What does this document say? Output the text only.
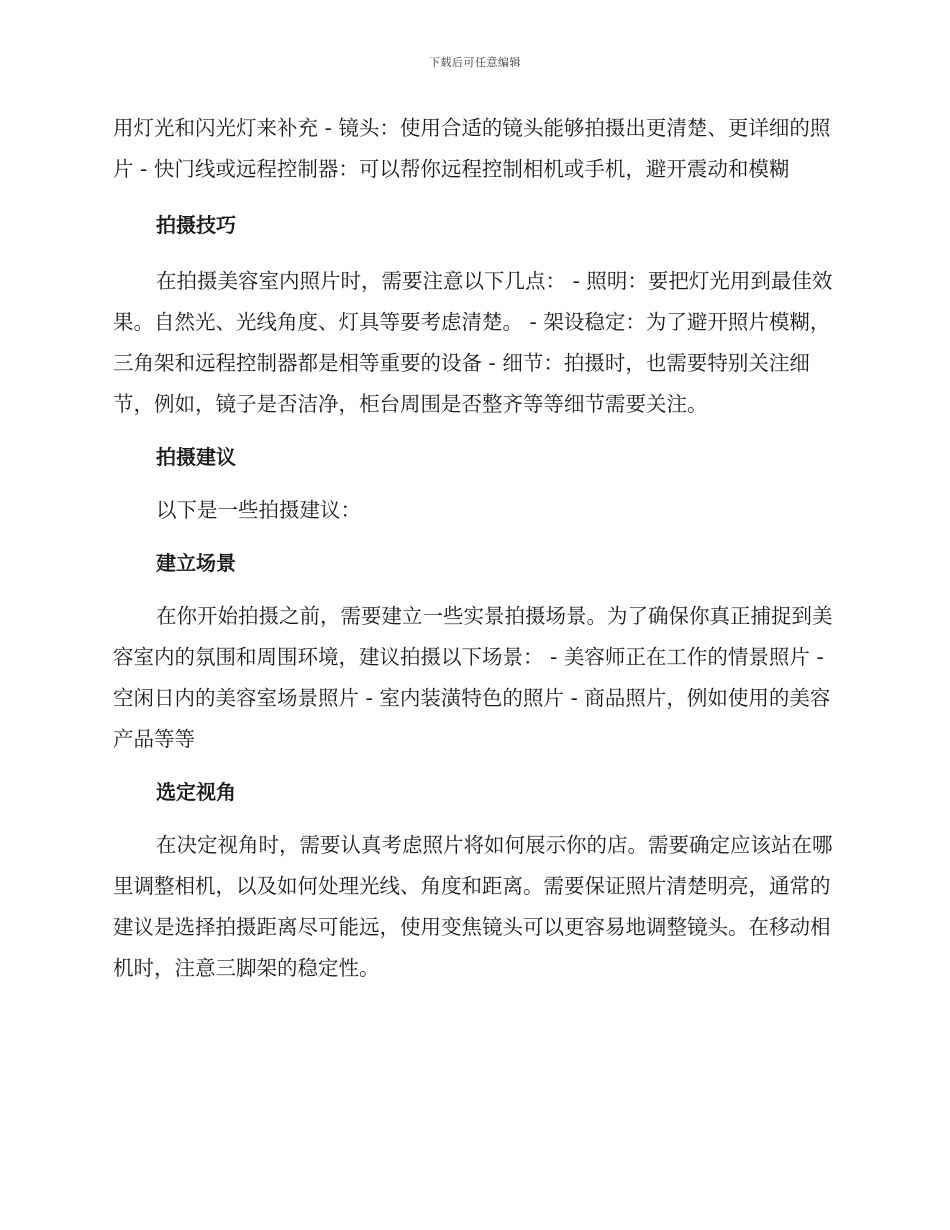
下载后可任意编辑

用灯光和闪光灯来补充 - 镜头：使用合适的镜头能够拍摄出更清楚、更详细的照片 - 快门线或远程控制器：可以帮你远程控制相机或手机，避开震动和模糊

拍摄技巧

在拍摄美容室内照片时，需要注意以下几点： - 照明：要把灯光用到最佳效果。自然光、光线角度、灯具等要考虑清楚。 - 架设稳定：为了避开照片模糊，三角架和远程控制器都是相等重要的设备 - 细节：拍摄时，也需要特别关注细节，例如，镜子是否洁净，柜台周围是否整齐等等细节需要关注。

拍摄建议

以下是一些拍摄建议：

建立场景

在你开始拍摄之前，需要建立一些实景拍摄场景。为了确保你真正捕捉到美容室内的氛围和周围环境，建议拍摄以下场景： - 美容师正在工作的情景照片 - 空闲日内的美容室场景照片 - 室内装潢特色的照片 - 商品照片，例如使用的美容产品等等

选定视角

在决定视角时，需要认真考虑照片将如何展示你的店。需要确定应该站在哪里调整相机，以及如何处理光线、角度和距离。需要保证照片清楚明亮，通常的建议是选择拍摄距离尽可能远，使用变焦镜头可以更容易地调整镜头。在移动相机时，注意三脚架的稳定性。
